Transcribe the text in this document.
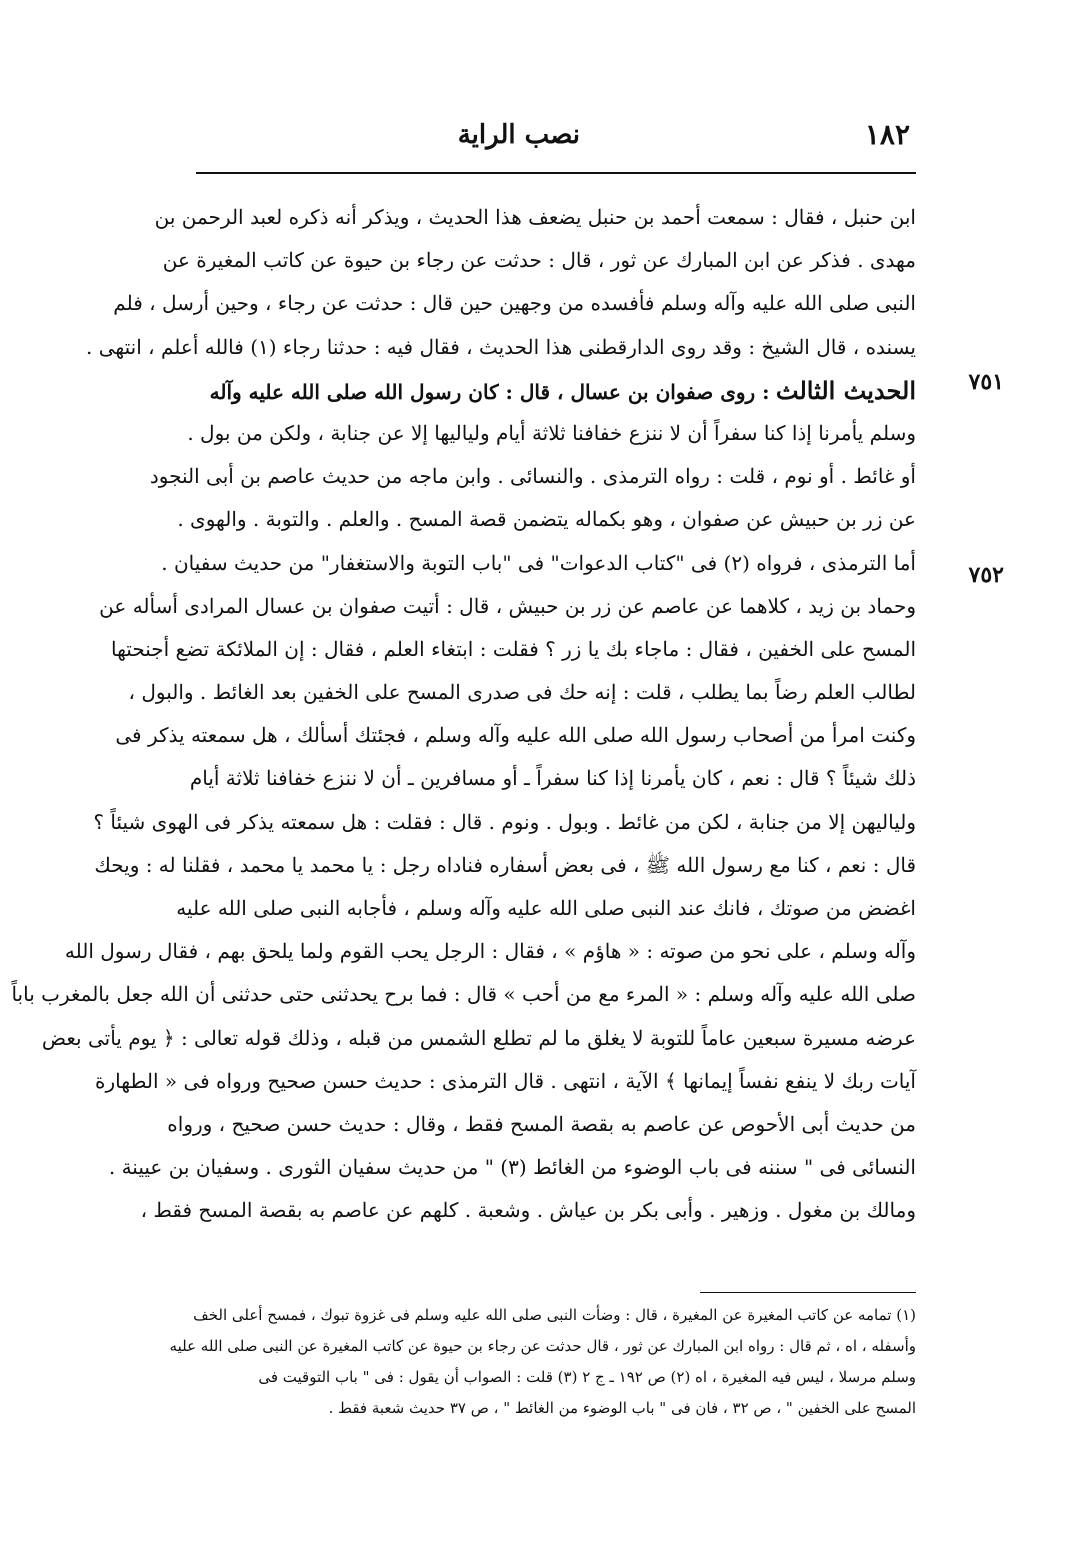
١٨٢
نصب الراية
٧٥١
٧٥٢
ابن حنبل ، فقال : سمعت أحمد بن حنبل يضعف هذا الحديث ، ويذكر أنه ذكره لعبد الرحمن بن
مهدى . فذكر عن ابن المبارك عن ثور ، قال : حدثت عن رجاء بن حيوة عن كاتب المغيرة عن
النبى صلى الله عليه وآله وسلم فأفسده من وجهين حين قال : حدثت عن رجاء ، وحين أرسل ، فلم
يسنده ، قال الشيخ : وقد روى الدارقطنى هذا الحديث ، فقال فيه : حدثنا رجاء (١) فالله أعلم ، انتهى .
الحديث الثالث : روى صفوان بن عسال ، قال : كان رسول الله صلى الله عليه وآله
وسلم يأمرنا إذا كنا سفراً أن لا ننزع خفافنا ثلاثة أيام ولياليها إلا عن جنابة ، ولكن من بول .
أو غائط . أو نوم ، قلت : رواه الترمذى . والنسائى . وابن ماجه من حديث عاصم بن أبى النجود
عن زر بن حبيش عن صفوان ، وهو بكماله يتضمن قصة المسح . والعلم . والتوبة . والهوى .
أما الترمذى ، فرواه (٢) فى "كتاب الدعوات" فى "باب التوبة والاستغفار" من حديث سفيان .
وحماد بن زيد ، كلاهما عن عاصم عن زر بن حبيش ، قال : أتيت صفوان بن عسال المرادى أسأله عن
المسح على الخفين ، فقال : ماجاء بك يا زر ؟ فقلت : ابتغاء العلم ، فقال : إن الملائكة تضع أجنحتها
لطالب العلم رضاً بما يطلب ، قلت : إنه حك فى صدرى المسح على الخفين بعد الغائط . والبول ،
وكنت امرأ من أصحاب رسول الله صلى الله عليه وآله وسلم ، فجئتك أسألك ، هل سمعته يذكر فى
ذلك شيئاً ؟ قال : نعم ، كان يأمرنا إذا كنا سفراً ـ أو مسافرين ـ أن لا ننزع خفافنا ثلاثة أيام
ولياليهن إلا من جنابة ، لكن من غائط . وبول . ونوم . قال : فقلت : هل سمعته يذكر فى الهوى شيئاً ؟
قال : نعم ، كنا مع رسول الله ﷺ ، فى بعض أسفاره فناداه رجل : يا محمد يا محمد ، فقلنا له : ويحك
اغضض من صوتك ، فانك عند النبى صلى الله عليه وآله وسلم ، فأجابه النبى صلى الله عليه
وآله وسلم ، على نحو من صوته : « هاؤم » ، فقال : الرجل يحب القوم ولما يلحق بهم ، فقال رسول الله
صلى الله عليه وآله وسلم : « المرء مع من أحب » قال : فما برح يحدثنى حتى حدثنى أن الله جعل بالمغرب باباً
عرضه مسيرة سبعين عاماً للتوبة لا يغلق ما لم تطلع الشمس من قبله ، وذلك قوله تعالى : ﴿ يوم يأتى بعض
آيات ربك لا ينفع نفساً إيمانها ﴾ الآية ، انتهى . قال الترمذى : حديث حسن صحيح ورواه فى « الطهارة
من حديث أبى الأحوص عن عاصم به بقصة المسح فقط ، وقال : حديث حسن صحيح ، ورواه
النسائى فى " سننه فى باب الوضوء من الغائط (٣) " من حديث سفيان الثورى . وسفيان بن عيينة .
ومالك بن مغول . وزهير . وأبى بكر بن عياش . وشعبة . كلهم عن عاصم به بقصة المسح فقط ،
(١) تمامه عن كاتب المغيرة عن المغيرة ، قال : وضأت النبى صلى الله عليه وسلم فى غزوة تبوك ، فمسح أعلى الخف
وأسفله ، اه ، ثم قال : رواه ابن المبارك عن ثور ، قال حدثت عن رجاء بن حيوة عن كاتب المغيرة عن النبى صلى الله عليه
وسلم مرسلا ، ليس فيه المغيرة ، اه (٢) ص ١٩٢ ـ ج ٢ (٣) قلت : الصواب أن يقول : فى " باب التوقيت فى
المسح على الخفين " ، ص ٣٢ ، فان فى " باب الوضوء من الغائط " ، ص ٣٧ حديث شعبة فقط .
